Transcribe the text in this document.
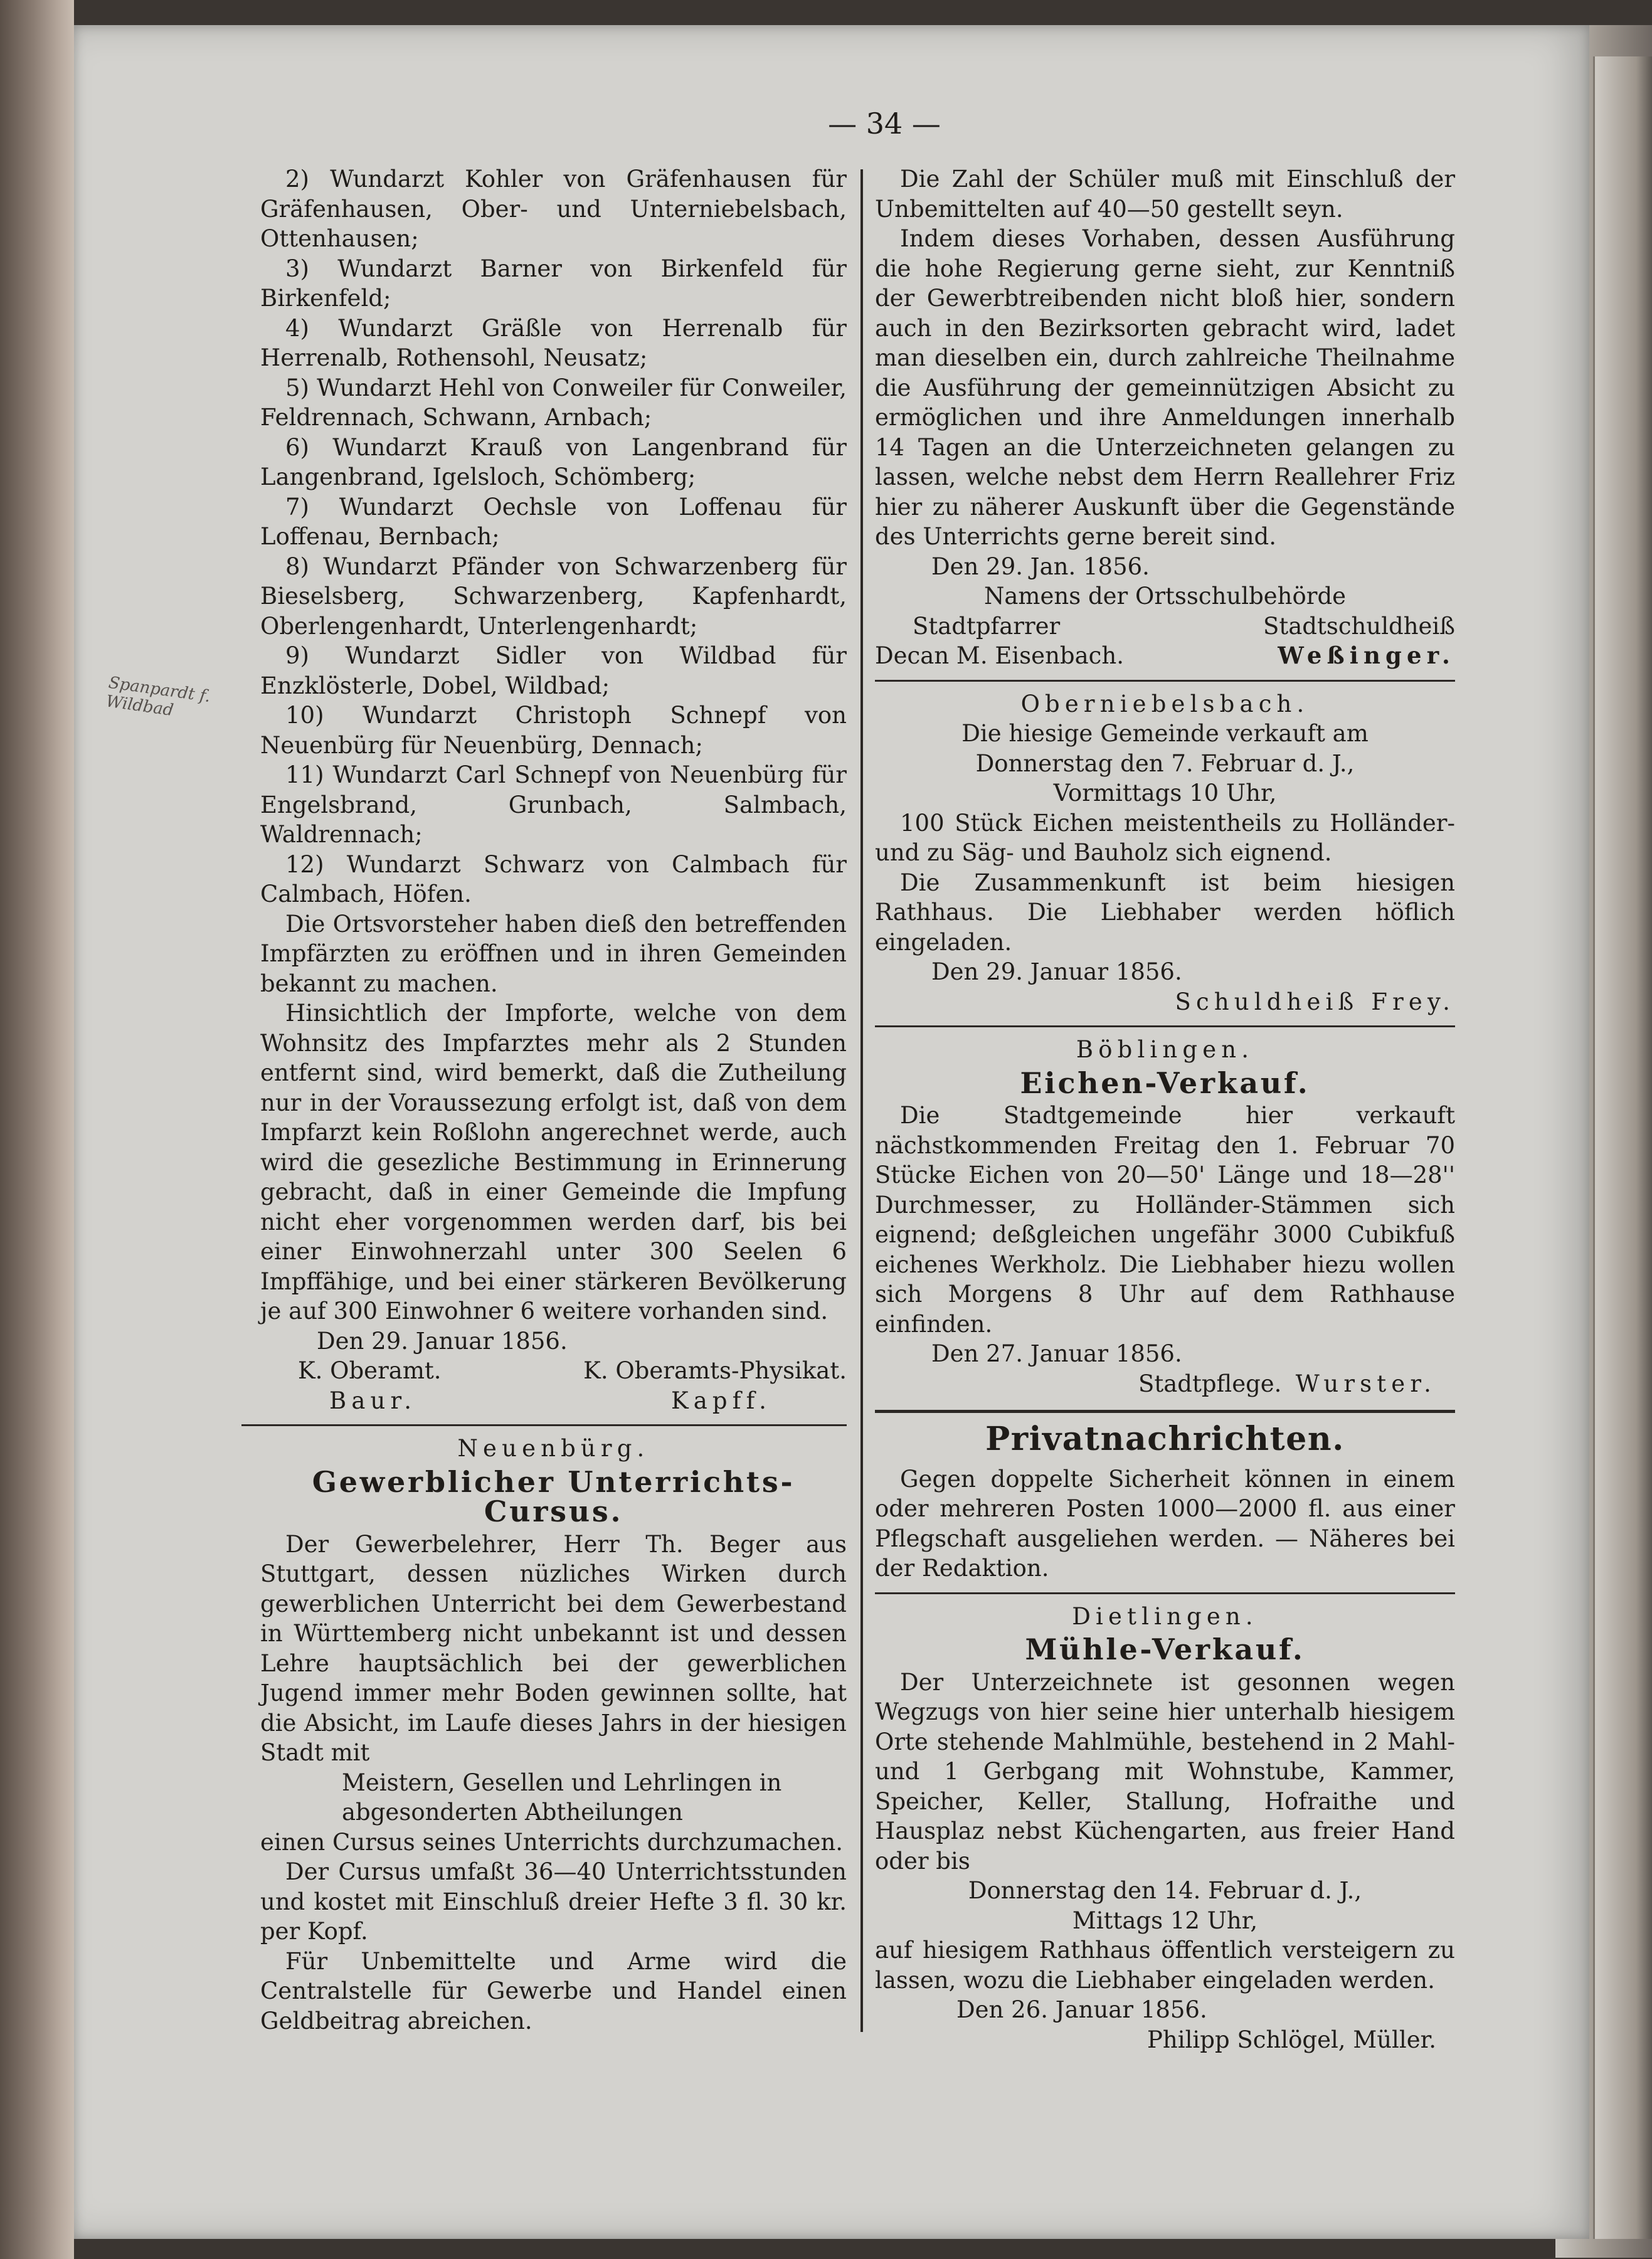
— 34 —
Spanpardt f. Wildbad

2) Wundarzt Kohler von Gräfenhausen für Gräfenhausen, Ober- und Unterniebelsbach, Ottenhausen;

3) Wundarzt Barner von Birkenfeld für Birkenfeld;

4) Wundarzt Gräßle von Herrenalb für Herrenalb, Rothensohl, Neusatz;

5) Wundarzt Hehl von Conweiler für Conweiler, Feldrennach, Schwann, Arnbach;

6) Wundarzt Krauß von Langenbrand für Langenbrand, Igelsloch, Schömberg;

7) Wundarzt Oechsle von Loffenau für Loffenau, Bernbach;

8) Wundarzt Pfänder von Schwarzenberg für Bieselsberg, Schwarzenberg, Kapfenhardt, Oberlengenhardt, Unterlengenhardt;

9) Wundarzt Sidler von Wildbad für Enzklösterle, Dobel, Wildbad;

10) Wundarzt Christoph Schnepf von Neuenbürg für Neuenbürg, Dennach;

11) Wundarzt Carl Schnepf von Neuenbürg für Engelsbrand, Grunbach, Salmbach, Waldrennach;

12) Wundarzt Schwarz von Calmbach für Calmbach, Höfen.

Die Ortsvorsteher haben dieß den betreffenden Impfärzten zu eröffnen und in ihren Gemeinden bekannt zu machen.

Hinsichtlich der Impforte, welche von dem Wohnsitz des Impfarztes mehr als 2 Stunden entfernt sind, wird bemerkt, daß die Zutheilung nur in der Voraussezung erfolgt ist, daß von dem Impfarzt kein Roßlohn angerechnet werde, auch wird die gesezliche Bestimmung in Erinnerung gebracht, daß in einer Gemeinde die Impfung nicht eher vorgenommen werden darf, bis bei einer Einwohnerzahl unter 300 Seelen 6 Impffähige, und bei einer stärkeren Bevölkerung je auf 300 Einwohner 6 weitere vorhanden sind.

Den 29. Januar 1856.

K. Oberamt.	K. Oberamts-Physikat.
Baur.	Kapff.

Neuenbürg.

Gewerblicher Unterrichts-Cursus.

Der Gewerbelehrer, Herr Th. Beger aus Stuttgart, dessen nüzliches Wirken durch gewerblichen Unterricht bei dem Gewerbestand in Württemberg nicht unbekannt ist und dessen Lehre hauptsächlich bei der gewerblichen Jugend immer mehr Boden gewinnen sollte, hat die Absicht, im Laufe dieses Jahrs in der hiesigen Stadt mit

Meistern, Gesellen und Lehrlingen in abgesonderten Abtheilungen

einen Cursus seines Unterrichts durchzumachen.

Der Cursus umfaßt 36—40 Unterrichtsstunden und kostet mit Einschluß dreier Hefte 3 fl. 30 kr. per Kopf.

Für Unbemittelte und Arme wird die Centralstelle für Gewerbe und Handel einen Geldbeitrag abreichen.

Die Zahl der Schüler muß mit Einschluß der Unbemittelten auf 40—50 gestellt seyn.

Indem dieses Vorhaben, dessen Ausführung die hohe Regierung gerne sieht, zur Kenntniß der Gewerbtreibenden nicht bloß hier, sondern auch in den Bezirksorten gebracht wird, ladet man dieselben ein, durch zahlreiche Theilnahme die Ausführung der gemeinnützigen Absicht zu ermöglichen und ihre Anmeldungen innerhalb 14 Tagen an die Unterzeichneten gelangen zu lassen, welche nebst dem Herrn Reallehrer Friz hier zu näherer Auskunft über die Gegenstände des Unterrichts gerne bereit sind.

Den 29. Jan. 1856.

Namens der Ortsschulbehörde

Stadtpfarrer	Stadtschuldheiß
Decan M. Eisenbach.	Weßinger.

Oberniebelsbach.

Die hiesige Gemeinde verkauft am

Donnerstag den 7. Februar d. J.,

Vormittags 10 Uhr,

100 Stück Eichen meistentheils zu Holländer- und zu Säg- und Bauholz sich eignend.

Die Zusammenkunft ist beim hiesigen Rathhaus. Die Liebhaber werden höflich eingeladen.

Den 29. Januar 1856.

Schuldheiß Frey.

Böblingen.

Eichen-Verkauf.

Die Stadtgemeinde hier verkauft nächstkommenden Freitag den 1. Februar 70 Stücke Eichen von 20—50' Länge und 18—28'' Durchmesser, zu Holländer-Stämmen sich eignend; deßgleichen ungefähr 3000 Cubikfuß eichenes Werkholz. Die Liebhaber hiezu wollen sich Morgens 8 Uhr auf dem Rathhause einfinden.

Den 27. Januar 1856.

Stadtpflege. Wurster.

Privatnachrichten.

Gegen doppelte Sicherheit können in einem oder mehreren Posten 1000—2000 fl. aus einer Pflegschaft ausgeliehen werden. — Näheres bei der Redaktion.

Dietlingen.

Mühle-Verkauf.

Der Unterzeichnete ist gesonnen wegen Wegzugs von hier seine hier unterhalb hiesigem Orte stehende Mahlmühle, bestehend in 2 Mahl- und 1 Gerbgang mit Wohnstube, Kammer, Speicher, Keller, Stallung, Hofraithe und Hausplaz nebst Küchengarten, aus freier Hand oder bis

Donnerstag den 14. Februar d. J.,

Mittags 12 Uhr,

auf hiesigem Rathhaus öffentlich versteigern zu lassen, wozu die Liebhaber eingeladen werden.

Den 26. Januar 1856.

Philipp Schlögel, Müller.
